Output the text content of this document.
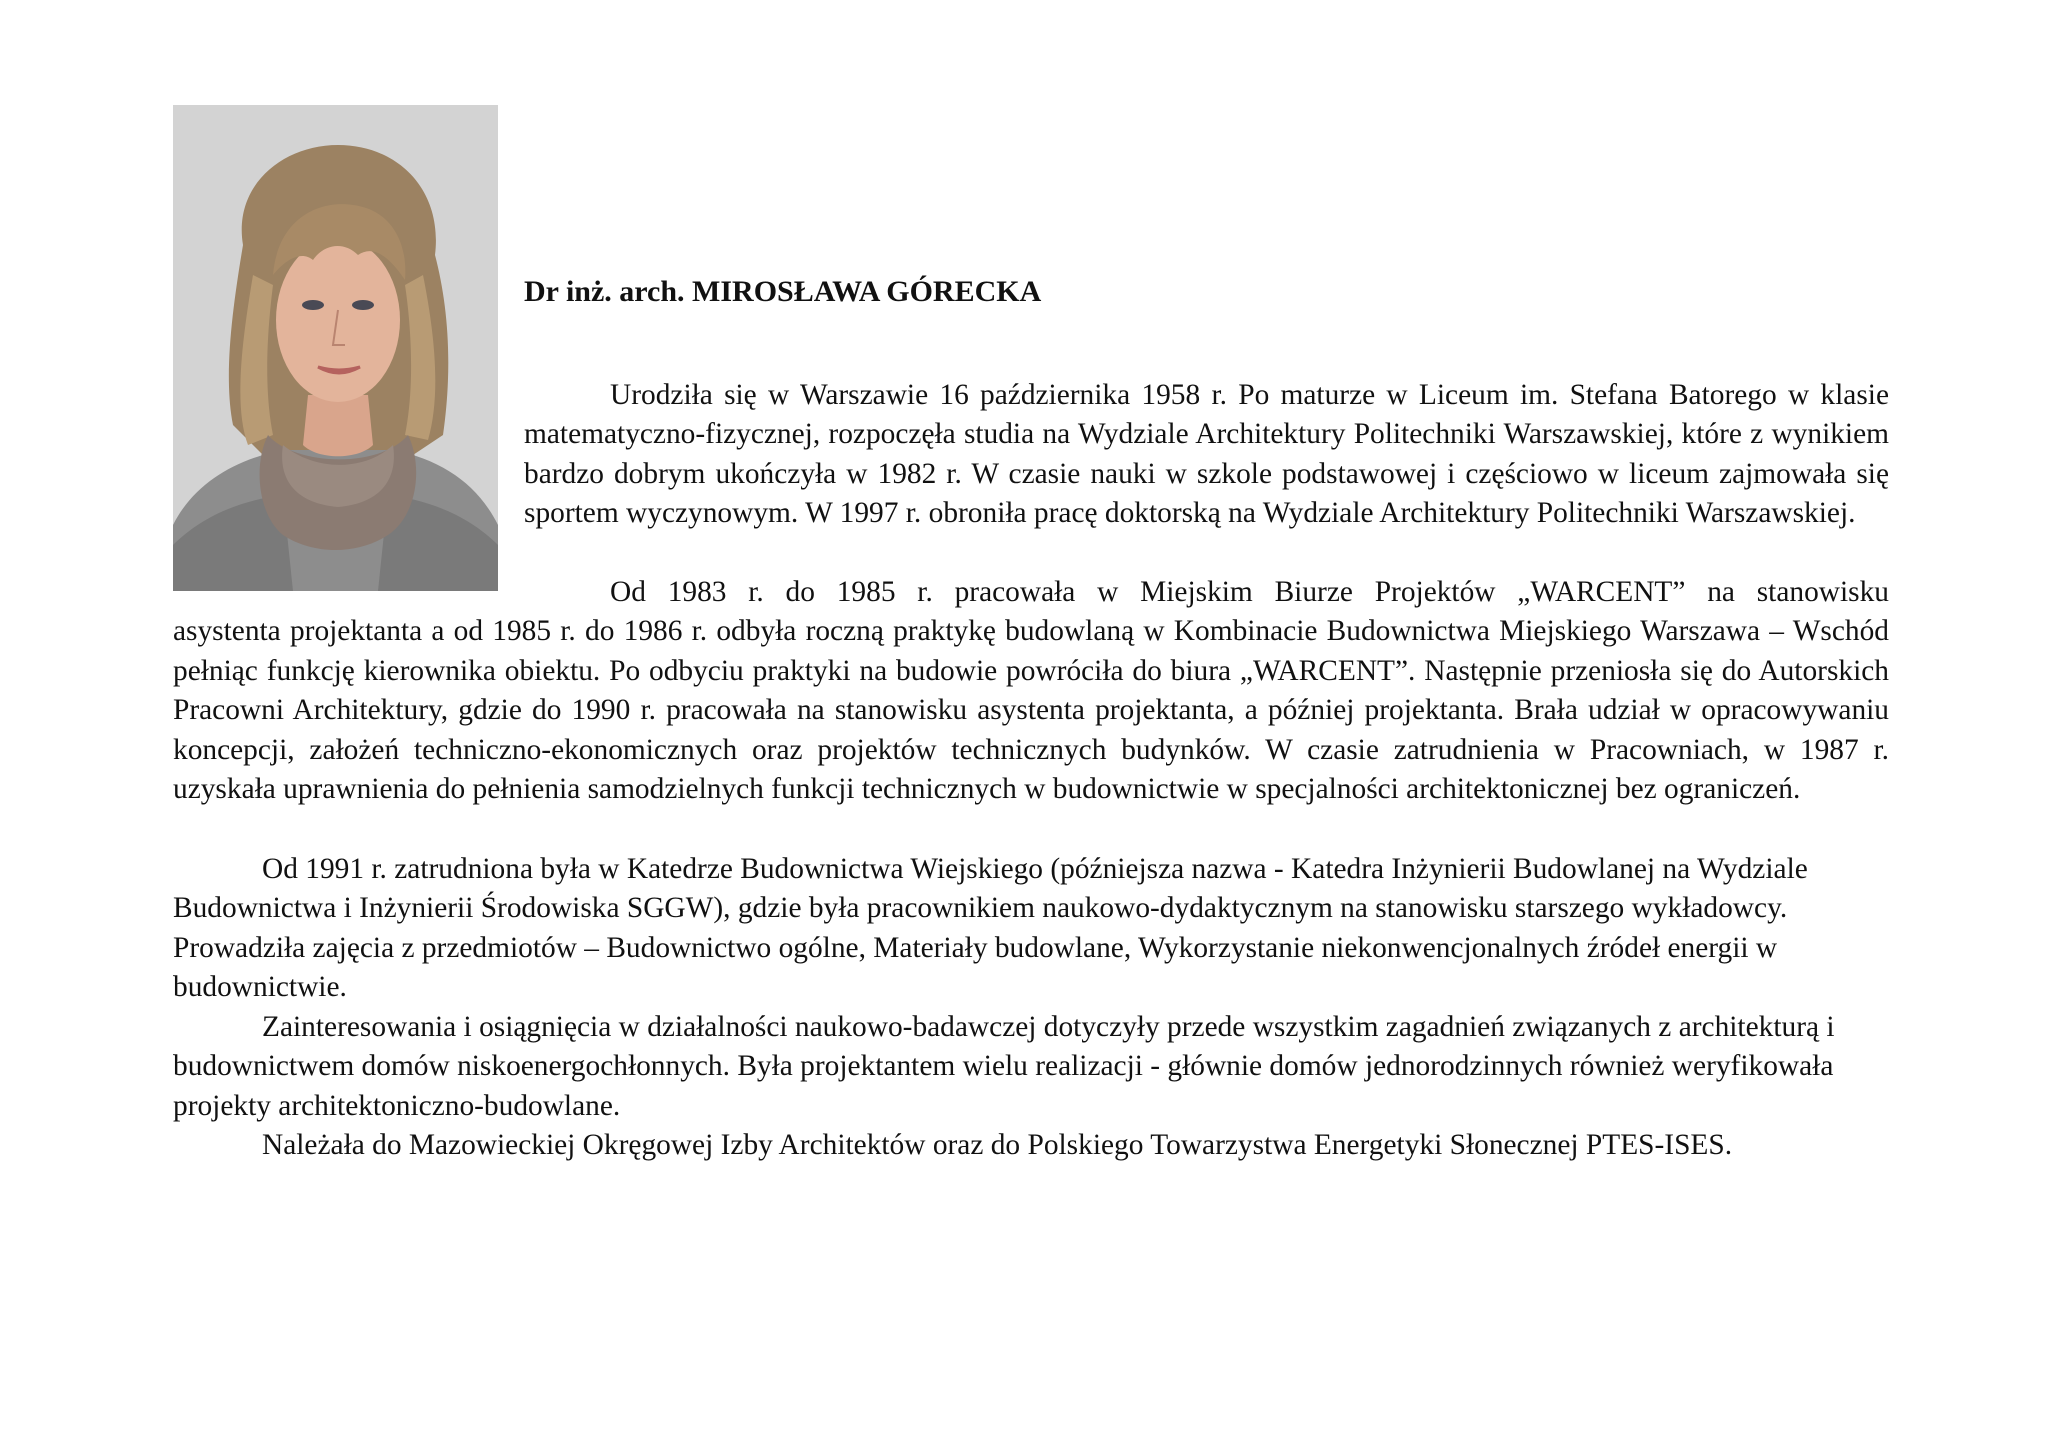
Dr inż. arch. MIROSŁAWA GÓRECKA

Urodziła się w Warszawie 16 października 1958 r. Po maturze w Liceum im. Stefana Batorego w klasie matematyczno-fizycznej, rozpoczęła studia na Wydziale Architektury Politechniki Warszawskiej, które z wynikiem bardzo dobrym ukończyła w 1982 r. W czasie nauki w szkole podstawowej i częściowo w liceum zajmowała się sportem wyczynowym. W 1997 r. obroniła pracę doktorską na Wydziale Architektury Politechniki Warszawskiej.

Od 1983 r. do 1985 r. pracowała w Miejskim Biurze Projektów „WARCENT” na stanowisku
asystenta projektanta a od 1985 r. do 1986 r. odbyła roczną praktykę budowlaną w Kombinacie Budownictwa Miejskiego Warszawa – Wschód pełniąc funkcję kierownika obiektu. Po odbyciu praktyki na budowie powróciła do biura „WARCENT”. Następnie przeniosła się do Autorskich Pracowni Architektury, gdzie do 1990 r. pracowała na stanowisku asystenta projektanta, a później projektanta. Brała udział w opracowywaniu koncepcji, założeń techniczno-ekonomicznych oraz projektów technicznych budynków. W czasie zatrudnienia w Pracowniach, w 1987 r. uzyskała uprawnienia do pełnienia samodzielnych funkcji technicznych w budownictwie w specjalności architektonicznej bez ograniczeń.

Od 1991 r. zatrudniona była w Katedrze Budownictwa Wiejskiego (późniejsza nazwa - Katedra Inżynierii Budowlanej na Wydziale Budownictwa i Inżynierii Środowiska SGGW), gdzie była pracownikiem naukowo-dydaktycznym na stanowisku starszego wykładowcy. Prowadziła zajęcia z przedmiotów – Budownictwo ogólne, Materiały budowlane, Wykorzystanie niekonwencjonalnych źródeł energii w budownictwie.

Zainteresowania i osiągnięcia w działalności naukowo-badawczej dotyczyły przede wszystkim zagadnień związanych z architekturą i budownictwem domów niskoenergochłonnych. Była projektantem wielu realizacji - głównie domów jednorodzinnych również weryfikowała projekty architektoniczno-budowlane.

Należała do Mazowieckiej Okręgowej Izby Architektów oraz do Polskiego Towarzystwa Energetyki Słonecznej PTES-ISES.
